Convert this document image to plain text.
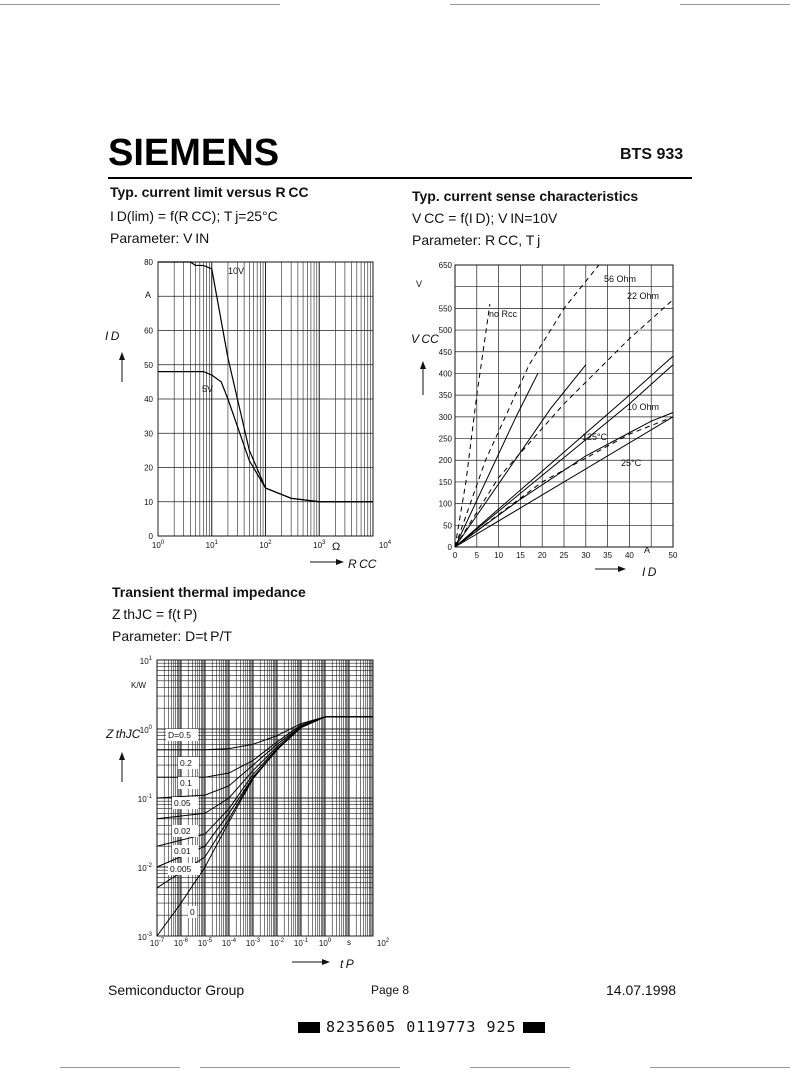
SIEMENS	BTS 933
Typ. current limit versus R CC
I D(lim) = f(R CC); T j=25°C
Parameter: V IN
Typ. current sense characteristics
V CC = f(I D); V IN=10V
Parameter: R CC, T j
Transient thermal impedance
Z thJC = f(t P)
Parameter: D=t P/T
0
10
20
30
40
50
60
80
$10^0$	$10^1$	$10^2$	$10^3$	$10^4$
A
Ω
I D
R CC
10V
5V
0
50
100
150
200
250
300
350
400
450
500
550
650
0 5 10 15 20 25 30 35 40	50
V
A
V CC
I D
56 Ohm
22 Ohm
no Rcc
10 Ohm
125°C
25°C
$10^1$
$10^0$
$10^{-1}$
$10^{-2}$
$10^{-3}$
$10^{-7}$ $10^{-6}$ $10^{-5}$ $10^{-4}$ $10^{-3}$ $10^{-2}$ $10^{-1}$ $10^0$	$10^2$
s
D=0.5
0.2
0.1
0.05
0.02
0.01
0.005
0
K/W
Z thJC
t P
Semiconductor Group	Page 8	14.07.1998
8235605 0119773 925
